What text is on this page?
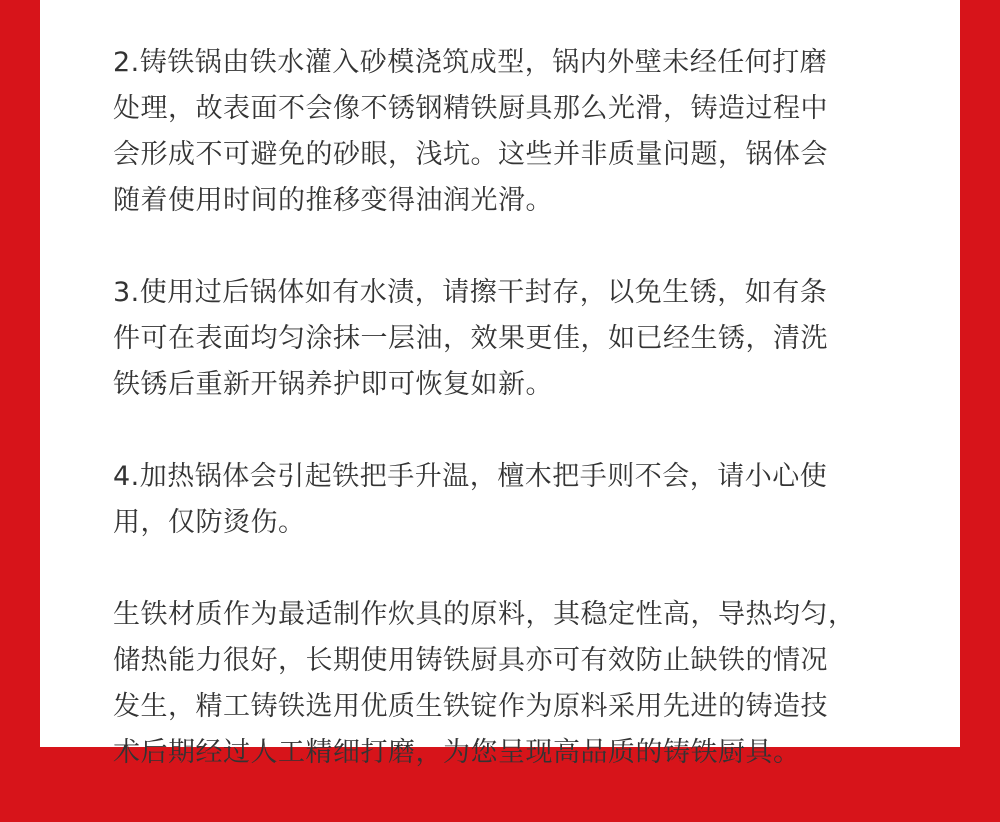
2.铸铁锅由铁水灌入砂模浇筑成型，锅内外壁未经任何打磨
处理，故表面不会像不锈钢精铁厨具那么光滑，铸造过程中
会形成不可避免的砂眼，浅坑。这些并非质量问题，锅体会
随着使用时间的推移变得油润光滑。

3.使用过后锅体如有水渍，请擦干封存，以免生锈，如有条
件可在表面均匀涂抹一层油，效果更佳，如已经生锈，清洗
铁锈后重新开锅养护即可恢复如新。

4.加热锅体会引起铁把手升温，檀木把手则不会，请小心使
用，仅防烫伤。

生铁材质作为最适制作炊具的原料，其稳定性高，导热均匀，
储热能力很好，长期使用铸铁厨具亦可有效防止缺铁的情况
发生，精工铸铁选用优质生铁锭作为原料采用先进的铸造技
术后期经过人工精细打磨，为您呈现高品质的铸铁厨具。
